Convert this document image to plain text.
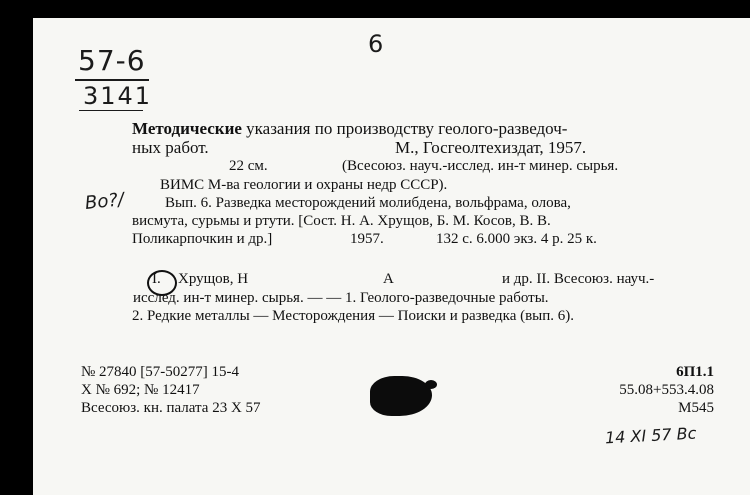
57-6
3141
6
Bo?/
Методические указания по производству геолого-разведоч-
ных работ.	М., Госгеолтехиздат, 1957.
22 см.	(Всесоюз. науч.-исслед. ин-т минер. сырья.
ВИМС М-ва геологии и охраны недр СССР).
Вып. 6. Разведка месторождений молибдена, вольфрама, олова,
висмута, сурьмы и ртути. [Сост. Н. А. Хрущов, Б. М. Косов, В. В.
Поликарпочкин и др.]	1957.	132 с. 6.000 экз. 4 р. 25 к.
I. Хрущов, Н	А	и др. II. Всесоюз. науч.-
исслед. ин-т минер. сырья. — — 1. Геолого-разведочные работы.
2. Редкие металлы — Месторождения — Поиски и разведка (вып. 6).
№ 27840 [57-50277] 15-4
Х № 692; № 12417
Всесоюз. кн. палата 23 Х 57
6П1.1
55.08+553.4.08
М545
14 XI 57 Bс
